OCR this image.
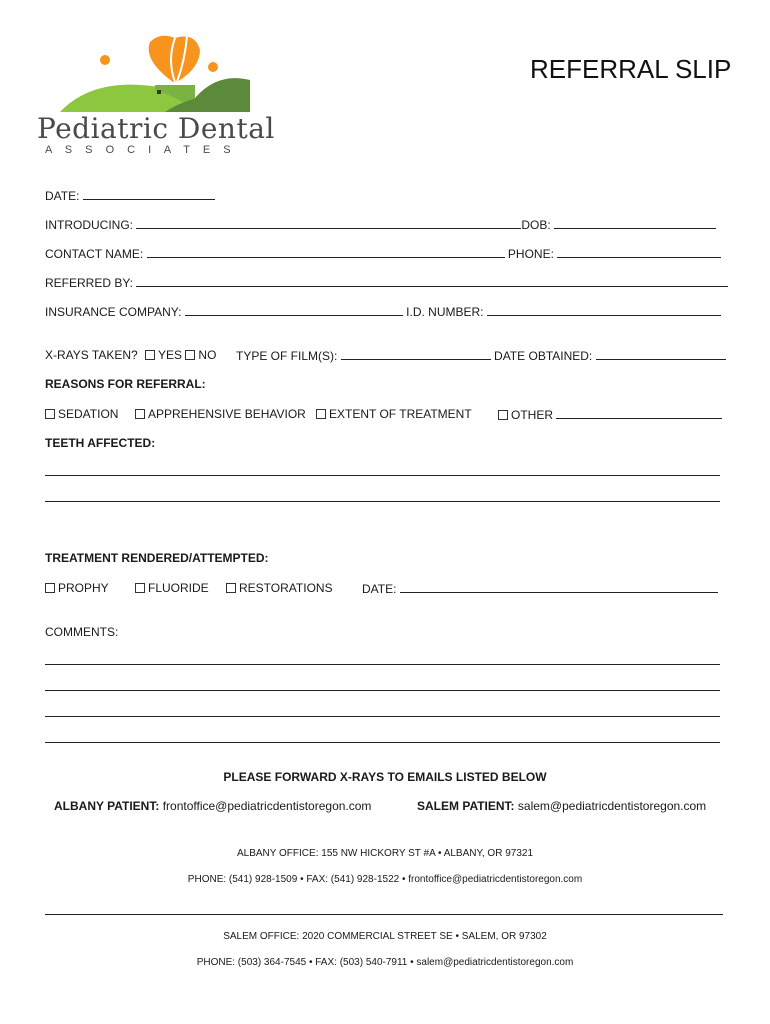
Pediatric Dental
A S S O C I A T E S
REFERRAL SLIP
DATE:
INTRODUCING:	DOB:
CONTACT NAME:	PHONE:
REFERRED BY:
INSURANCE COMPANY:	I.D. NUMBER:
X-RAYS TAKEN? YES NO TYPE OF FILM(S):	DATE OBTAINED:
REASONS FOR REFERRAL:
SEDATION	APPREHENSIVE BEHAVIOR	EXTENT OF TREATMENT	OTHER
TEETH AFFECTED:
TREATMENT RENDERED/ATTEMPTED:
PROPHY	FLUORIDE	RESTORATIONS DATE:
COMMENTS:
PLEASE FORWARD X-RAYS TO EMAILS LISTED BELOW
ALBANY PATIENT: frontoffice@pediatricdentistoregon.com	SALEM PATIENT: salem@pediatricdentistoregon.com
ALBANY OFFICE: 155 NW HICKORY ST #A • ALBANY, OR 97321
PHONE: (541) 928-1509 • FAX: (541) 928-1522 • frontoffice@pediatricdentistoregon.com
SALEM OFFICE: 2020 COMMERCIAL STREET SE • SALEM, OR 97302
PHONE: (503) 364-7545 • FAX: (503) 540-7911 • salem@pediatricdentistoregon.com
